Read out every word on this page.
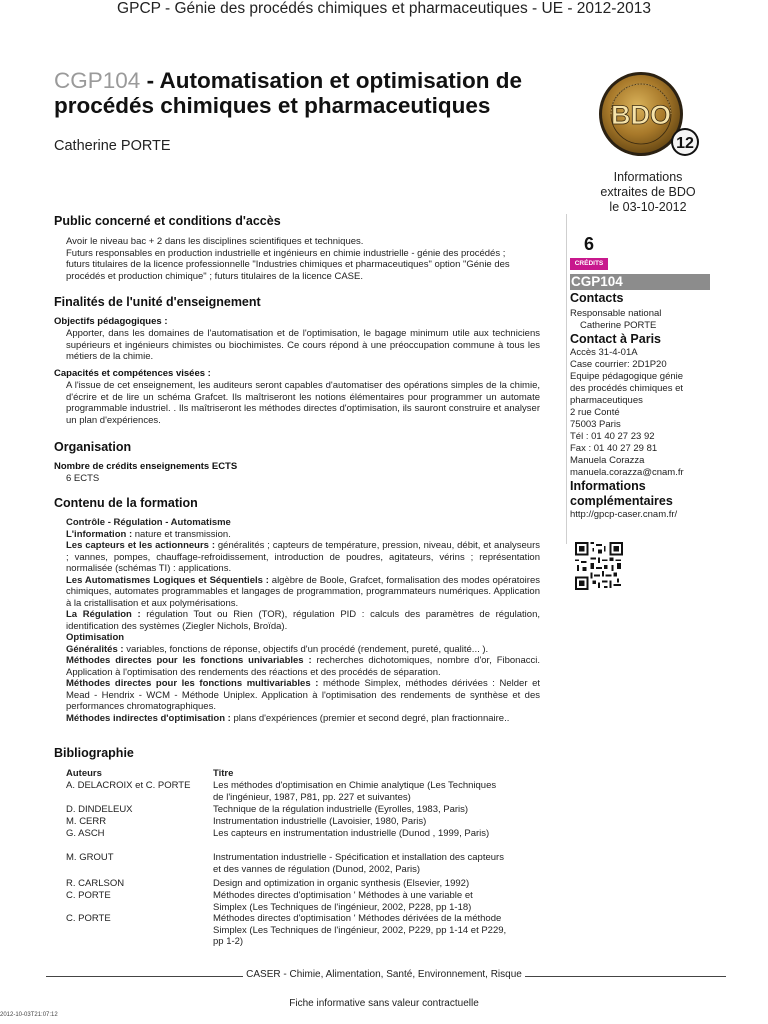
GPCP - Génie des procédés chimiques et pharmaceutiques - UE - 2012-2013
CGP104 - Automatisation et optimisation de
procédés chimiques et pharmaceutiques
Catherine PORTE
BDO
12
Informations
extraites de BDO
le 03-10-2012
Public concerné et conditions d'accès
Avoir le niveau bac + 2 dans les disciplines scientifiques et techniques.
Futurs responsables en production industrielle et ingénieurs en chimie industrielle - génie des procédés ;
futurs titulaires de la licence professionnelle "Industries chimiques et pharmaceutiques" option "Génie des
procédés et production chimique" ; futurs titulaires de la licence CASE.
Finalités de l'unité d'enseignement
Objectifs pédagogiques :
Apporter, dans les domaines de l'automatisation et de l'optimisation, le bagage minimum utile aux techniciens supérieurs et ingénieurs chimistes ou biochimistes. Ce cours répond à une préoccupation commune à tous les métiers de la chimie.
Capacités et compétences visées :
A l'issue de cet enseignement, les auditeurs seront capables d'automatiser des opérations simples de la chimie, d'écrire et de lire un schéma Grafcet. Ils maîtriseront les notions élémentaires pour programmer un automate programmable industriel. . Ils maîtriseront les méthodes directes d'optimisation, ils sauront construire et analyser un plan d'expériences.
Organisation
Nombre de crédits enseignements ECTS
6 ECTS
Contenu de la formation
Contrôle - Régulation - Automatisme
L'information : nature et transmission.
Les capteurs et les actionneurs : généralités ; capteurs de température, pression, niveau, débit, et analyseurs ; vannes, pompes, chauffage-refroidissement, introduction de poudres, agitateurs, vérins ; représentation normalisée (schémas TI) : applications.
Les Automatismes Logiques et Séquentiels : algèbre de Boole, Grafcet, formalisation des modes opératoires chimiques, automates programmables et langages de programmation, programmateurs numériques. Application à la cristallisation et aux polymérisations.
La Régulation : régulation Tout ou Rien (TOR), régulation PID : calculs des paramètres de régulation, identification des systèmes (Ziegler Nichols, Broïda).
Optimisation
Généralités : variables, fonctions de réponse, objectifs d'un procédé (rendement, pureté, qualité... ).
Méthodes directes pour les fonctions univariables : recherches dichotomiques, nombre d'or, Fibonacci. Application à l'optimisation des rendements des réactions et des procédés de séparation.
Méthodes directes pour les fonctions multivariables : méthode Simplex, méthodes dérivées : Nelder et Mead - Hendrix - WCM - Méthode Uniplex. Application à l'optimisation des rendements de synthèse et des performances chromatographiques.
Méthodes indirectes d'optimisation : plans d'expériences (premier et second degré, plan fractionnaire..
Bibliographie
Auteurs	Titre
A. DELACROIX et C. PORTE	Les méthodes d'optimisation en Chimie analytique (Les Techniques de l'ingénieur, 1987, P81, pp. 227 et suivantes)
D. DINDELEUX	Technique de la régulation industrielle (Eyrolles, 1983, Paris)
M. CERR	Instrumentation industrielle (Lavoisier, 1980, Paris)
G. ASCH	Les capteurs en instrumentation industrielle (Dunod , 1999, Paris)
M. GROUT	Instrumentation industrielle - Spécification et installation des capteurs et des vannes de régulation (Dunod, 2002, Paris)
R. CARLSON	Design and optimization in organic synthesis (Elsevier, 1992)
C. PORTE	Méthodes directes d'optimisation ' Méthodes à une variable et Simplex (Les Techniques de l'ingénieur, 2002, P228, pp 1-18)
C. PORTE	Méthodes directes d'optimisation ' Méthodes dérivées de la méthode Simplex (Les Techniques de l'ingénieur, 2002, P229, pp 1-14 et P229, pp 1-2)
6
CRÉDITS
CGP104
Contacts
Responsable national
Catherine PORTE
Contact à Paris
Accès 31-4-01A
Case courrier: 2D1P20
Equipe pédagogique génie
des procédés chimiques et
pharmaceutiques
2 rue Conté
75003 Paris
Tél : 01 40 27 23 92
Fax : 01 40 27 29 81
Manuela Corazza
manuela.corazza@cnam.fr
Informations
complémentaires
http://gpcp-caser.cnam.fr/
CASER - Chimie, Alimentation, Santé, Environnement, Risque
Fiche informative sans valeur contractuelle
2012-10-03T21:07:12
